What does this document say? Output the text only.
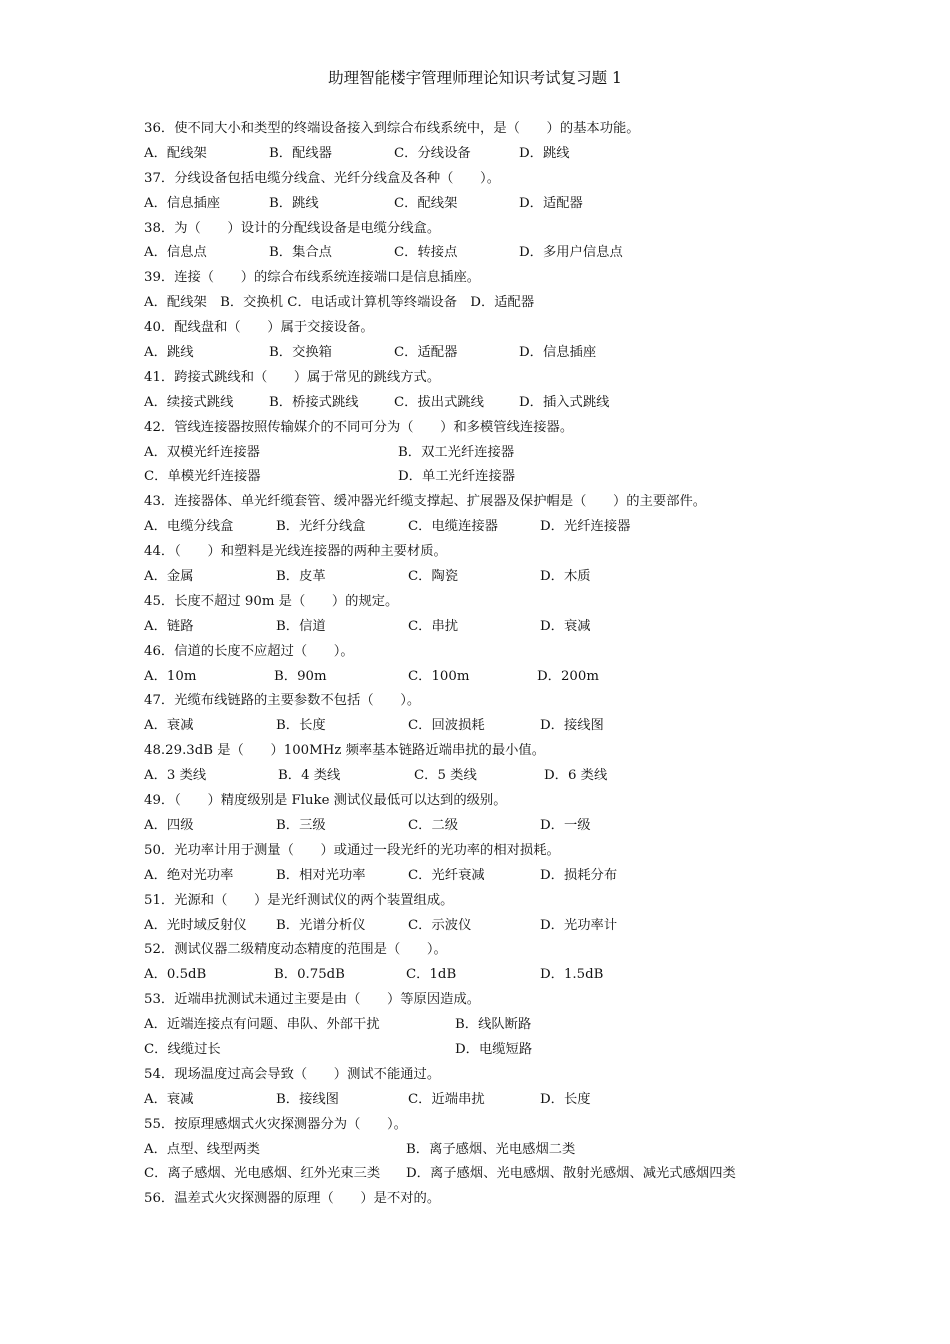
助理智能楼宇管理师理论知识考试复习题 1
36．使不同大小和类型的终端设备接入到综合布线系统中，是（　　）的基本功能。
A．配线架	B．配线器	C．分线设备	D．跳线
37．分线设备包括电缆分线盒、光纤分线盒及各种（　　）。
A．信息插座	B．跳线	C．配线架	D．适配器
38．为（　　）设计的分配线设备是电缆分线盒。
A．信息点	B．集合点	C．转接点	D．多用户信息点
39．连接（　　）的综合布线系统连接端口是信息插座。
A．配线架　B．交换机 C．电话或计算机等终端设备　D．适配器
40．配线盘和（　　）属于交接设备。
A．跳线	B．交换箱	C．适配器	D．信息插座
41．跨接式跳线和（　　）属于常见的跳线方式。
A．续接式跳线	B．桥接式跳线	C．拔出式跳线	D．插入式跳线
42．管线连接器按照传输媒介的不同可分为（　　）和多模管线连接器。
A．双模光纤连接器	B．双工光纤连接器
C．单模光纤连接器	D．单工光纤连接器
43．连接器体、单光纤缆套管、缓冲器光纤缆支撑起、扩展器及保护帽是（　　）的主要部件。
A．电缆分线盒	B．光纤分线盒	C．电缆连接器	D．光纤连接器
44．（　　）和塑料是光线连接器的两种主要材质。
A．金属	B．皮革	C．陶瓷	D．木质
45．长度不超过 90m 是（　　）的规定。
A．链路	B．信道	C．串扰	D．衰减
46．信道的长度不应超过（　　）。
A．10m	B．90m	C．100m	D．200m
47．光缆布线链路的主要参数不包括（　　）。
A．衰减	B．长度	C．回波损耗	D．接线图
48.29.3dB 是（　　）100MHz 频率基本链路近端串扰的最小值。
A．3 类线	B．4 类线	C．5 类线	D．6 类线
49．（　　）精度级别是 Fluke 测试仪最低可以达到的级别。
A．四级	B．三级	C．二级	D．一级
50．光功率计用于测量（　　）或通过一段光纤的光功率的相对损耗。
A．绝对光功率	B．相对光功率	C．光纤衰减	D．损耗分布
51．光源和（　　）是光纤测试仪的两个装置组成。
A．光时域反射仪 B．光谱分析仪	C．示波仪	D．光功率计
52．测试仪器二级精度动态精度的范围是（　　）。
A．0.5dB	B．0.75dB	C．1dB	D．1.5dB
53．近端串扰测试未通过主要是由（　　）等原因造成。
A．近端连接点有问题、串队、外部干扰	B．线队断路
C．线缆过长	D．电缆短路
54．现场温度过高会导致（　　）测试不能通过。
A．衰减	B．接线图	C．近端串扰	D．长度
55．按原理感烟式火灾探测器分为（　　）。
A．点型、线型两类	B．离子感烟、光电感烟二类
C．离子感烟、光电感烟、红外光束三类 D．离子感烟、光电感烟、散射光感烟、减光式感烟四类
56．温差式火灾探测器的原理（　　）是不对的。
